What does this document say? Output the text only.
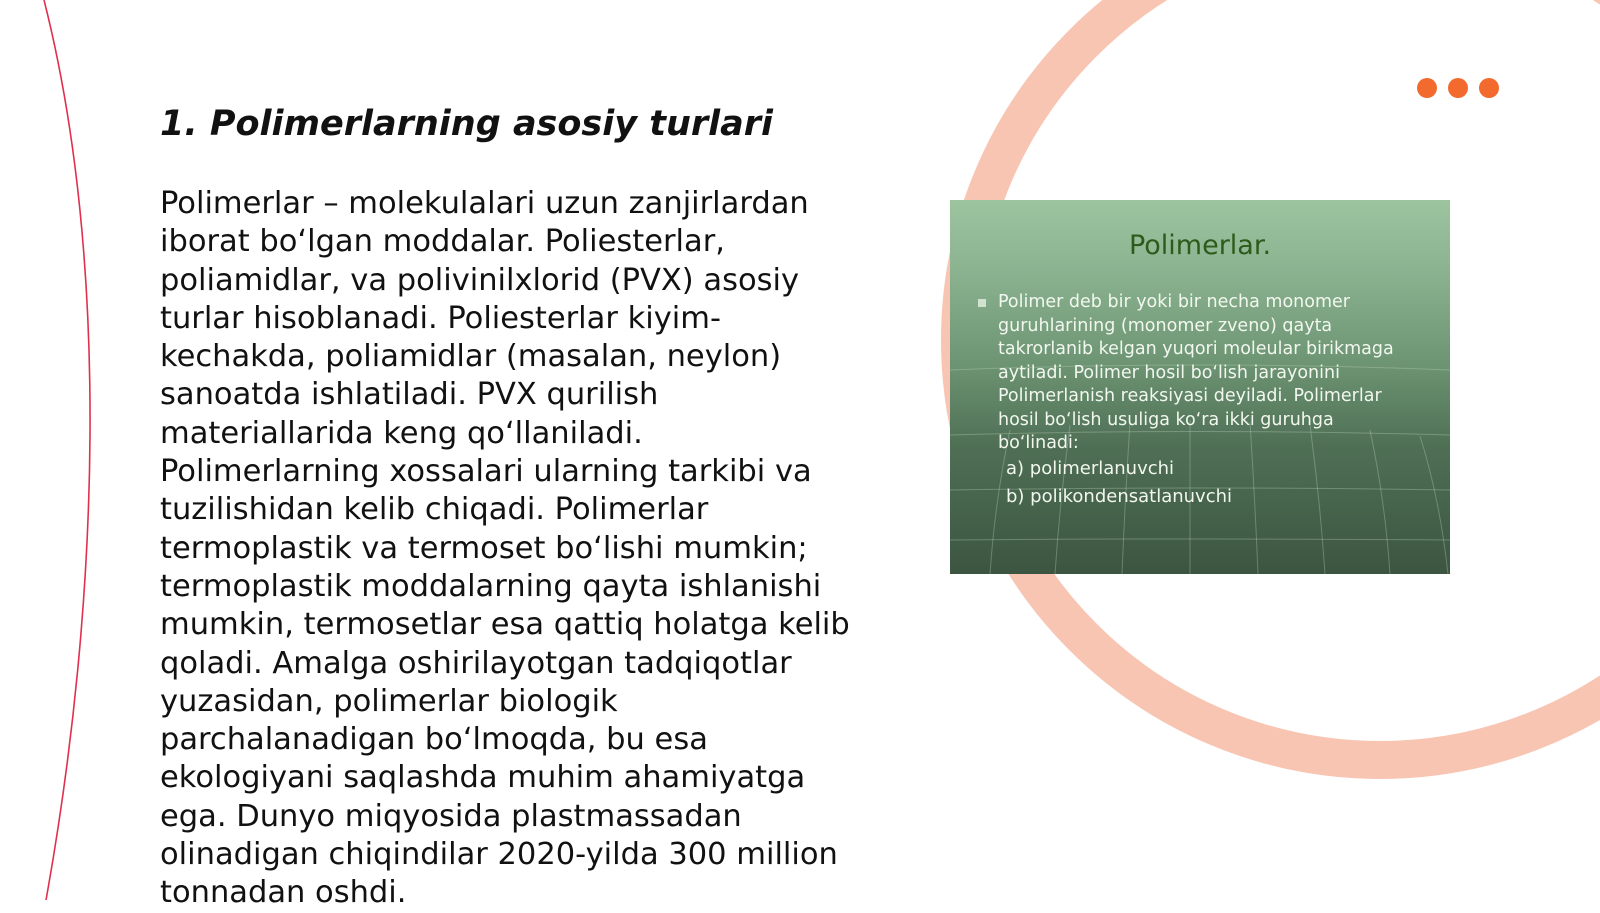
1. Polimerlarning asosiy turlari

Polimerlar – molekulalari uzun zanjirlardan iborat bo‘lgan moddalar. Poliesterlar, poliamidlar, va polivinilxlorid (PVX) asosiy turlar hisoblanadi. Poliesterlar kiyim-kechakda, poliamidlar (masalan, neylon) sanoatda ishlatiladi. PVX qurilish materiallarida keng qo‘llaniladi. Polimerlarning xossalari ularning tarkibi va tuzilishidan kelib chiqadi. Polimerlar termoplastik va termoset bo‘lishi mumkin; termoplastik moddalarning qayta ishlanishi mumkin, termosetlar esa qattiq holatga kelib qoladi. Amalga oshirilayotgan tadqiqotlar yuzasidan, polimerlar biologik parchalanadigan bo‘lmoqda, bu esa ekologiyani saqlashda muhim ahamiyatga ega. Dunyo miqyosida plastmassadan olinadigan chiqindilar 2020-yilda 300 million tonnadan oshdi.

Polimerlar.
Polimer deb bir yoki bir necha monomer guruhlarining (monomer zveno) qayta takrorlanib kelgan yuqori moleular birikmaga aytiladi. Polimer hosil bo‘lish jarayonini Polimerlanish reaksiyasi deyiladi. Polimerlar hosil bo‘lish usuliga ko‘ra ikki guruhga bo‘linadi:
a) polimerlanuvchi
b) polikondensatlanuvchi
